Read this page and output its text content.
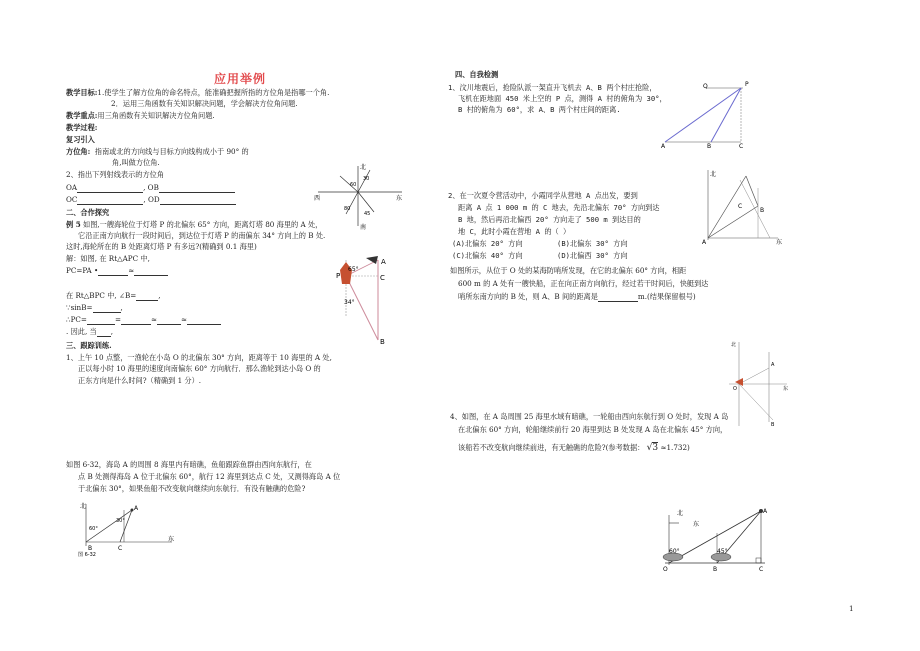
应用举例
教学目标:1.使学生了解方位角的命名特点，能准确把握所指的方位角是指哪一个角.
2．运用三角函数有关知识解决问题，学会解决方位角问题.
教学重点:用三角函数有关知识解决方位角问题.
教学过程:
复习引入
方位角: 指南或北的方向线与目标方向线构成小于 90° 的
角,叫做方位角.
2、指出下列射线表示的方位角
OA	, OB
OC	, OD
二、合作探究
例 5 如图,一艘海轮位于灯塔 P 的北偏东 65° 方向，距离灯塔 80 海里的 A 处，
它沿正南方向航行一段时间后，到达位于灯塔 P 的南偏东 34° 方向上的 B 处.
这时,海轮所在的 B 处距离灯塔 P 有多远?(精确到 0.1 海里)
解：如图, 在 Rt△APC 中,
PC=PA •	≈
在 Rt△BPC 中, ∠B=	,
∵sinB=	,
∴PC=	=	≈	≈
. 因此, 当 ,
三、跟踪训练.
1、上午 10 点整，一渔轮在小岛 O 的北偏东 30° 方向，距离等于 10 海里的 A 处,
正以每小时 10 海里的速度向南偏东 60° 方向航行．那么渔轮到达小岛 O 的
正东方向是什么时间?（精确到 1 分）.
如图 6-32，海岛 A 的周围 8 海里内有暗礁，鱼船跟踪鱼群由西向东航行，在
点 B 处测得海岛 A 位于北偏东 60°，航行 12 海里到达点 C 处，又测得海岛 A 位
于北偏东 30°，如果鱼船不改变航向继续向东航行．有没有触礁的危险?
北
西	东
南
60
30
80
45
65°
34°
P
A
C
B
北
东
60°
30°
A
B	C
图 6-32
四、自我检测
1、汶川地震后，抢险队派一架直升飞机去 A、B 两个村庄抢险，
飞机在距地面 450 米上空的 P 点，测得 A 村的俯角为 30°，
B 村的俯角为 60°，求 A、B 两个村庄间的距离.
2、在一次夏令营活动中，小霞同学从营地 A 点出发，要到
距离 A 点 1 000 m 的 C 地去，先沿北偏东 70° 方向到达
B 地，然后再沿北偏西 20° 方向走了 500 m 到达目的
地 C，此时小霞在营地 A 的（ ）
(A)北偏东 20° 方向	(B)北偏东 30° 方向
(C)北偏东 40° 方向	(D)北偏西 30° 方向
如图所示，从位于 O 处的某海防哨所发现，在它的北偏东 60° 方向，相距
600 m 的 A 处有一艘快船，正在向正南方向航行，经过若干时间后，快艇到达
哨所东南方向的 B 处，则 A、B 间的距离是	m.(结果保留根号)
4、如图，在 A 岛周围 25 海里水域有暗礁，一轮船由西向东航行到 O 处时，发现 A 岛
在北偏东 60° 方向，轮船继续前行 20 海里到达 B 处发现 A 岛在北偏东 45° 方向，
该船若不改变航向继续前进，有无触礁的危险?(参考数据： √3 ≈1.732)
Q	P
A	B	C
北
东
A
C
B
北
东
A
O
B
北
东
60°	45°
A
O	B	C
1
